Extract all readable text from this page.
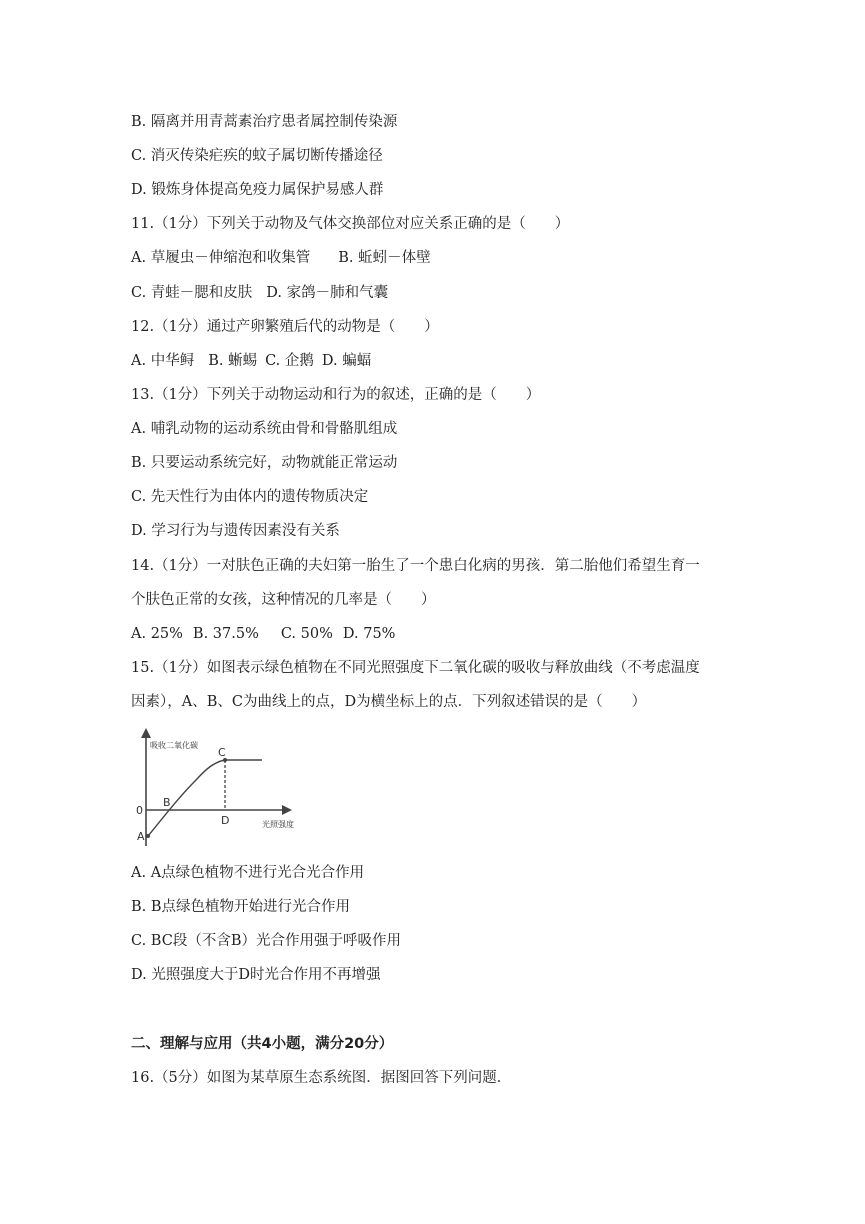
B. 隔离并用青蒿素治疗患者属控制传染源
C. 消灭传染疟疾的蚊子属切断传播途径
D. 锻炼身体提高免疫力属保护易感人群
11.（1分）下列关于动物及气体交换部位对应关系正确的是（　　）
A. 草履虫－伸缩泡和收集管 B. 蚯蚓－体壁
C. 青蛙－腮和皮肤 D. 家鸽－肺和气囊
12.（1分）通过产卵繁殖后代的动物是（　　）
A. 中华鲟 B. 蜥蜴 C. 企鹅 D. 蝙蝠
13.（1分）下列关于动物运动和行为的叙述，正确的是（　　）
A. 哺乳动物的运动系统由骨和骨骼肌组成
B. 只要运动系统完好，动物就能正常运动
C. 先天性行为由体内的遗传物质决定
D. 学习行为与遗传因素没有关系
14.（1分）一对肤色正确的夫妇第一胎生了一个患白化病的男孩．第二胎他们希望生育一
个肤色正常的女孩，这种情况的几率是（　　）
A. 25% B. 37.5% C. 50% D. 75%
15.（1分）如图表示绿色植物在不同光照强度下二氧化碳的吸收与释放曲线（不考虑温度
因素），A、B、C为曲线上的点，D为横坐标上的点．下列叙述错误的是（　　）
吸收二氧化碳
光照强度
0
A
B
C
D
A. A点绿色植物不进行光合光合作用
B. B点绿色植物开始进行光合作用
C. BC段（不含B）光合作用强于呼吸作用
D. 光照强度大于D时光合作用不再增强
二、理解与应用（共4小题，满分20分）
16.（5分）如图为某草原生态系统图．据图回答下列问题．
